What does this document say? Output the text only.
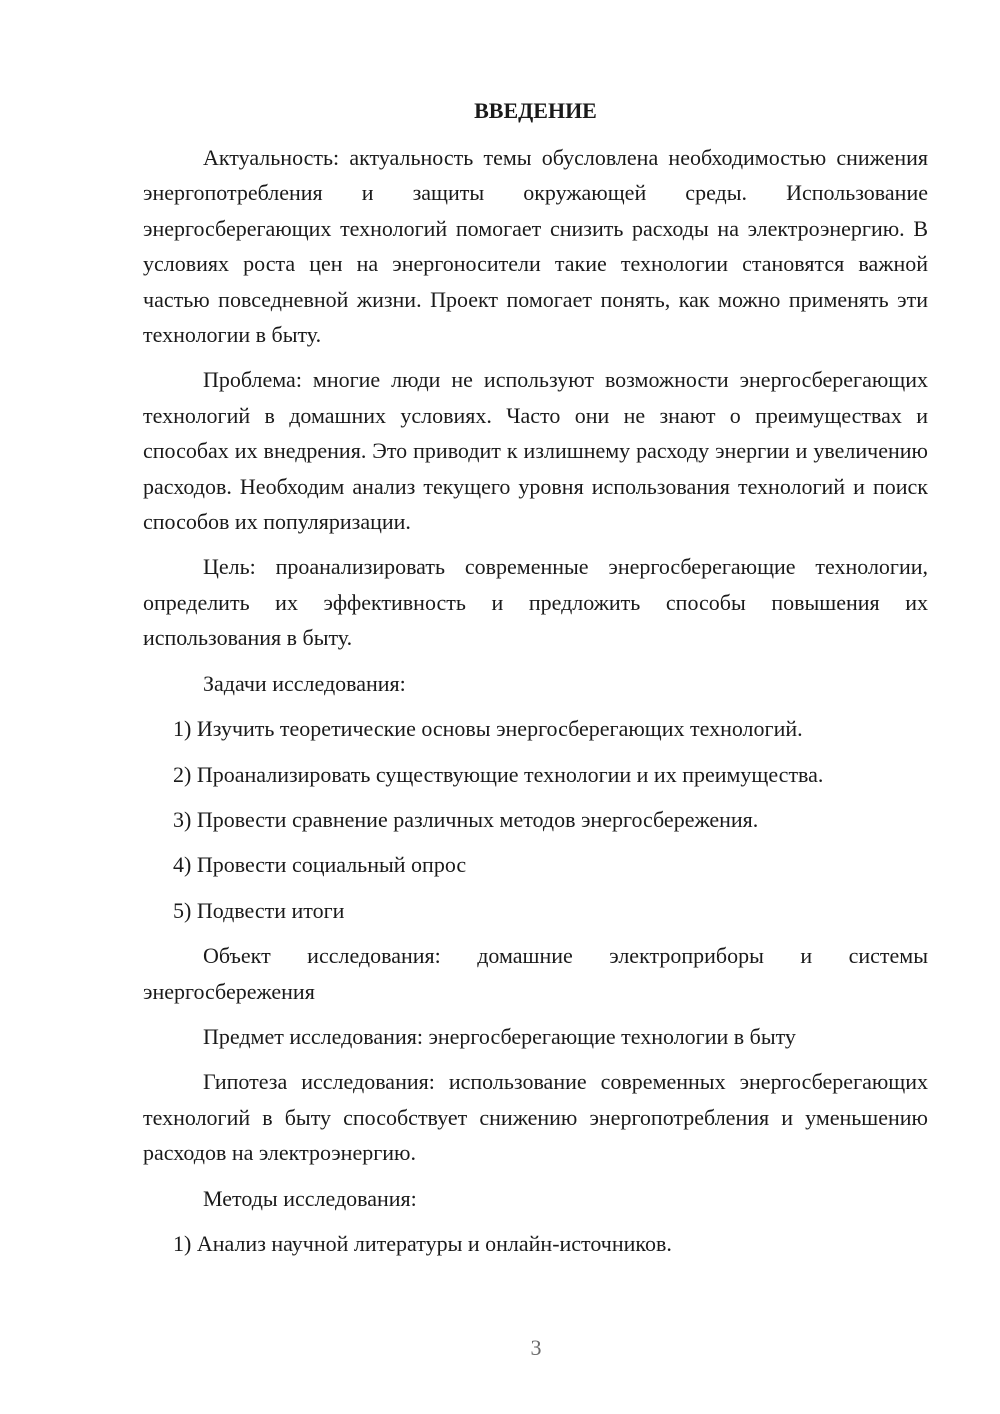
ВВЕДЕНИЕ

Актуальность: актуальность темы обусловлена необходимостью снижения энергопотребления и защиты окружающей среды. Использование энергосберегающих технологий помогает снизить расходы на электроэнергию. В условиях роста цен на энергоносители такие технологии становятся важной частью повседневной жизни. Проект помогает понять, как можно применять эти технологии в быту.

Проблема: многие люди не используют возможности энергосберегающих технологий в домашних условиях. Часто они не знают о преимуществах и способах их внедрения. Это приводит к излишнему расходу энергии и увеличению расходов. Необходим анализ текущего уровня использования технологий и поиск способов их популяризации.

Цель: проанализировать современные энергосберегающие технологии, определить их эффективность и предложить способы повышения их использования в быту.

Задачи исследования:
1) Изучить теоретические основы энергосберегающих технологий.
2) Проанализировать существующие технологии и их преимущества.
3) Провести сравнение различных методов энергосбережения.
4) Провести социальный опрос
5) Подвести итоги

Объект исследования: домашние электроприборы и системы энергосбережения

Предмет исследования: энергосберегающие технологии в быту

Гипотеза исследования: использование современных энергосберегающих технологий в быту способствует снижению энергопотребления и уменьшению расходов на электроэнергию.

Методы исследования:
1) Анализ научной литературы и онлайн-источников.
3
